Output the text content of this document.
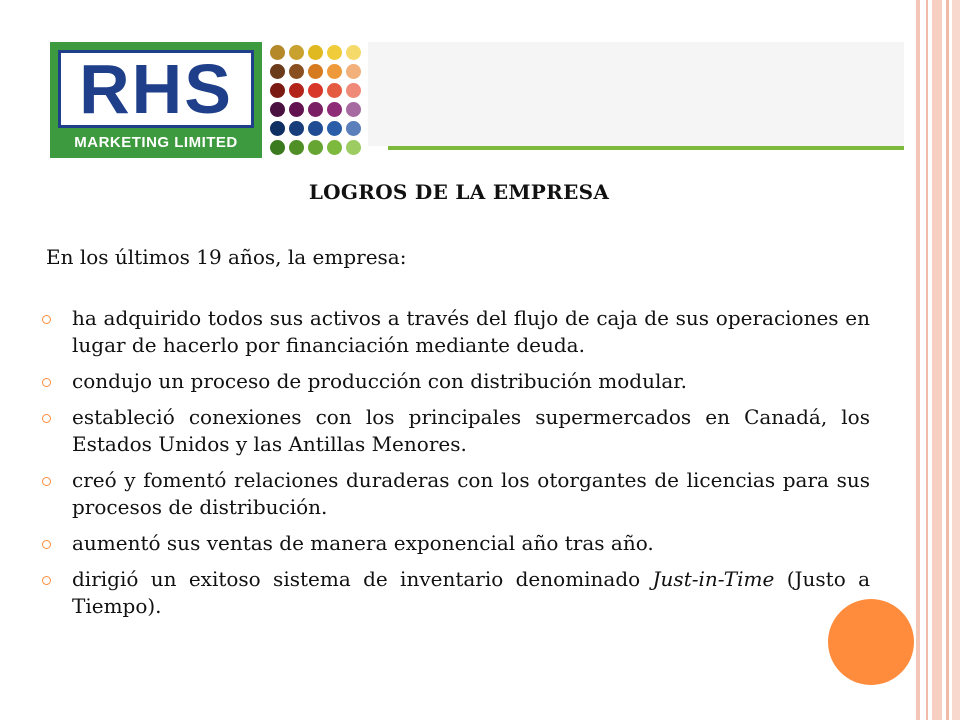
RHS
MARKETING LIMITED
LOGROS DE LA EMPRESA
En los últimos 19 años, la empresa:
ha adquirido todos sus activos a través del flujo de caja de sus operaciones en lugar de hacerlo por financiación mediante deuda.
condujo un proceso de producción con distribución modular.
estableció conexiones con los principales supermercados en Canadá, los Estados Unidos y las Antillas Menores.
creó y fomentó relaciones duraderas con los otorgantes de licencias para sus procesos de distribución.
aumentó sus ventas de manera exponencial año tras año.
dirigió un exitoso sistema de inventario denominado Just-in-Time (Justo a Tiempo).
